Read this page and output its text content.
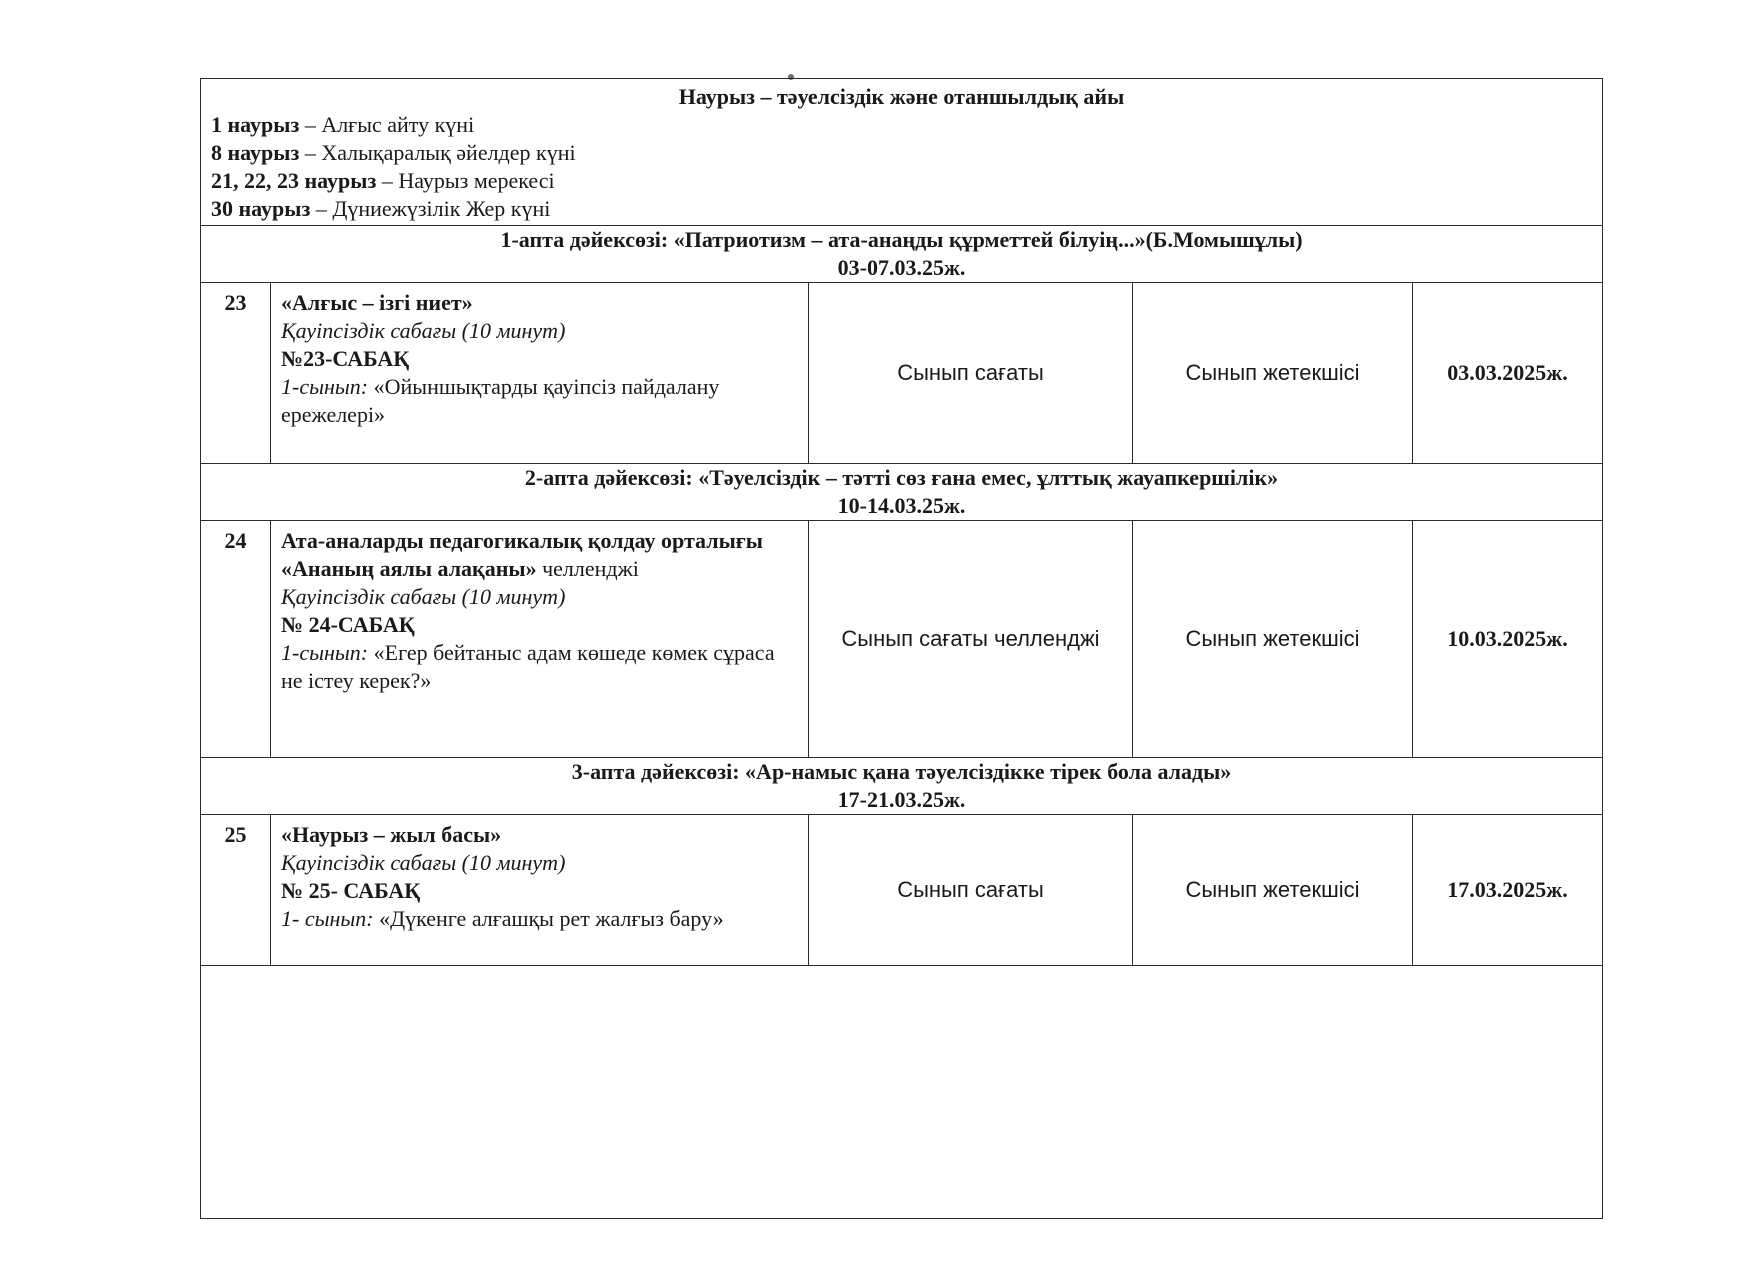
Наурыз – тәуелсіздік және отаншылдық айы
1 наурыз – Алғыс айту күні
8 наурыз – Халықаралық әйелдер күні
21, 22, 23 наурыз – Наурыз мерекесі
30 наурыз – Дүниежүзілік Жер күні				

1-апта дәйексөзі: «Патриотизм – ата-анаңды құрметтей білуің...»(Б.Момышұлы)
03-07.03.25ж.				

23	«Алғыс – ізгі ниет»
Қауіпсіздік сабағы (10 минут)
№23-САБАҚ
1-сынып: «Ойыншықтарды қауіпсіз пайдалану ережелері»	Сынып сағаты	Сынып жетекшісі	03.03.2025ж.

2-апта дәйексөзі: «Тәуелсіздік – тәтті сөз ғана емес, ұлттық жауапкершілік»
10-14.03.25ж.				

24	Ата-аналарды педагогикалық қолдау орталығы
«Ананың аялы алақаны» челленджі
Қауіпсіздік сабағы (10 минут)
№ 24-САБАҚ
1-сынып: «Егер бейтаныс адам көшеде көмек сұраса не істеу керек?»	Сынып сағаты челленджі	Сынып жетекшісі	10.03.2025ж.

3-апта дәйексөзі: «Ар-намыс қана тәуелсіздікке тірек бола алады»
17-21.03.25ж.				

25	«Наурыз – жыл басы»
Қауіпсіздік сабағы (10 минут)
№ 25- САБАҚ
1- сынып: «Дүкенге алғашқы рет жалғыз бару»	Сынып сағаты	Сынып жетекшісі	17.03.2025ж.
